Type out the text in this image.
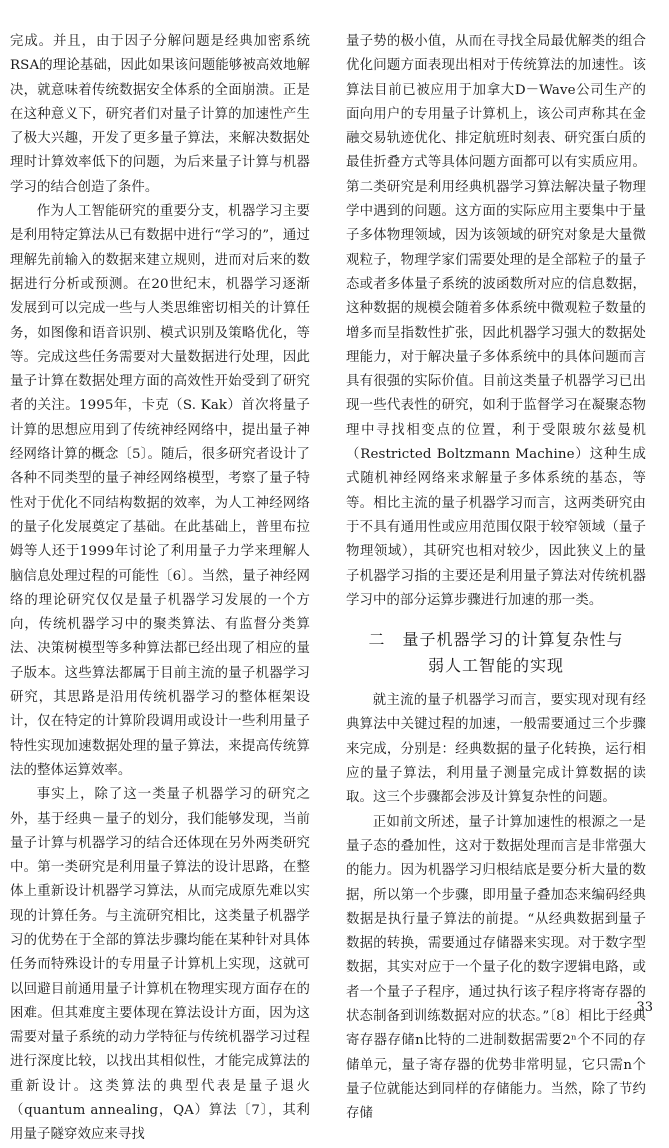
完成。并且，由于因子分解问题是经典加密系统RSA的理论基础，因此如果该问题能够被高效地解决，就意味着传统数据安全体系的全面崩溃。正是在这种意义下，研究者们对量子计算的加速性产生了极大兴趣，开发了更多量子算法，来解决数据处理时计算效率低下的问题，为后来量子计算与机器学习的结合创造了条件。

作为人工智能研究的重要分支，机器学习主要是利用特定算法从已有数据中进行“学习的”，通过理解先前输入的数据来建立规则，进而对后来的数据进行分析或预测。在20世纪末，机器学习逐渐发展到可以完成一些与人类思维密切相关的计算任务，如图像和语音识别、模式识别及策略优化，等等。完成这些任务需要对大量数据进行处理，因此量子计算在数据处理方面的高效性开始受到了研究者的关注。1995年，卡克（S. Kak）首次将量子计算的思想应用到了传统神经网络中，提出量子神经网络计算的概念〔5〕。随后，很多研究者设计了各种不同类型的量子神经网络模型，考察了量子特性对于优化不同结构数据的效率，为人工神经网络的量子化发展奠定了基础。在此基础上，普里布拉姆等人还于1999年讨论了利用量子力学来理解人脑信息处理过程的可能性〔6〕。当然，量子神经网络的理论研究仅仅是量子机器学习发展的一个方向，传统机器学习中的聚类算法、有监督分类算法、决策树模型等多种算法都已经出现了相应的量子版本。这些算法都属于目前主流的量子机器学习研究，其思路是沿用传统机器学习的整体框架设计，仅在特定的计算阶段调用或设计一些利用量子特性实现加速数据处理的量子算法，来提高传统算法的整体运算效率。

事实上，除了这一类量子机器学习的研究之外，基于经典－量子的划分，我们能够发现，当前量子计算与机器学习的结合还体现在另外两类研究中。第一类研究是利用量子算法的设计思路，在整体上重新设计机器学习算法，从而完成原先难以实现的计算任务。与主流研究相比，这类量子机器学习的优势在于全部的算法步骤均能在某种针对具体任务而特殊设计的专用量子计算机上实现，这就可以回避目前通用量子计算机在物理实现方面存在的困难。但其难度主要体现在算法设计方面，因为这需要对量子系统的动力学特征与传统机器学习过程进行深度比较，以找出其相似性，才能完成算法的重新设计。这类算法的典型代表是量子退火（quantum annealing，QA）算法〔7〕，其利用量子隧穿效应来寻找

量子势的极小值，从而在寻找全局最优解类的组合优化问题方面表现出相对于传统算法的加速性。该算法目前已被应用于加拿大D－Wave公司生产的面向用户的专用量子计算机上，该公司声称其在金融交易轨迹优化、排定航班时刻表、研究蛋白质的最佳折叠方式等具体问题方面都可以有实质应用。第二类研究是利用经典机器学习算法解决量子物理学中遇到的问题。这方面的实际应用主要集中于量子多体物理领域，因为该领域的研究对象是大量微观粒子，物理学家们需要处理的是全部粒子的量子态或者多体量子系统的波函数所对应的信息数据，这种数据的规模会随着多体系统中微观粒子数量的增多而呈指数性扩张，因此机器学习强大的数据处理能力，对于解决量子多体系统中的具体问题而言具有很强的实际价值。目前这类量子机器学习已出现一些代表性的研究，如利于监督学习在凝聚态物理中寻找相变点的位置，利于受限玻尔兹曼机（Restricted Boltzmann Machine）这种生成式随机神经网络来求解量子多体系统的基态，等等。相比主流的量子机器学习而言，这两类研究由于不具有通用性或应用范围仅限于较窄领域（量子物理领域），其研究也相对较少，因此狭义上的量子机器学习指的主要还是利用量子算法对传统机器学习中的部分运算步骤进行加速的那一类。

二　量子机器学习的计算复杂性与
弱人工智能的实现

就主流的量子机器学习而言，要实现对现有经典算法中关键过程的加速，一般需要通过三个步骤来完成，分别是：经典数据的量子化转换，运行相应的量子算法，利用量子测量完成计算数据的读取。这三个步骤都会涉及计算复杂性的问题。

正如前文所述，量子计算加速性的根源之一是量子态的叠加性，这对于数据处理而言是非常强大的能力。因为机器学习归根结底是要分析大量的数据，所以第一个步骤，即用量子叠加态来编码经典数据是执行量子算法的前提。“从经典数据到量子数据的转换，需要通过存储器来实现。对于数字型数据，其实对应于一个量子化的数字逻辑电路，或者一个量子子程序，通过执行该子程序将寄存器的状态制备到训练数据对应的状态。”〔8〕相比于经典寄存器存储n比特的二进制数据需要2ⁿ个不同的存储单元，量子寄存器的优势非常明显，它只需n个量子位就能达到同样的存储能力。当然，除了节约存储

33
